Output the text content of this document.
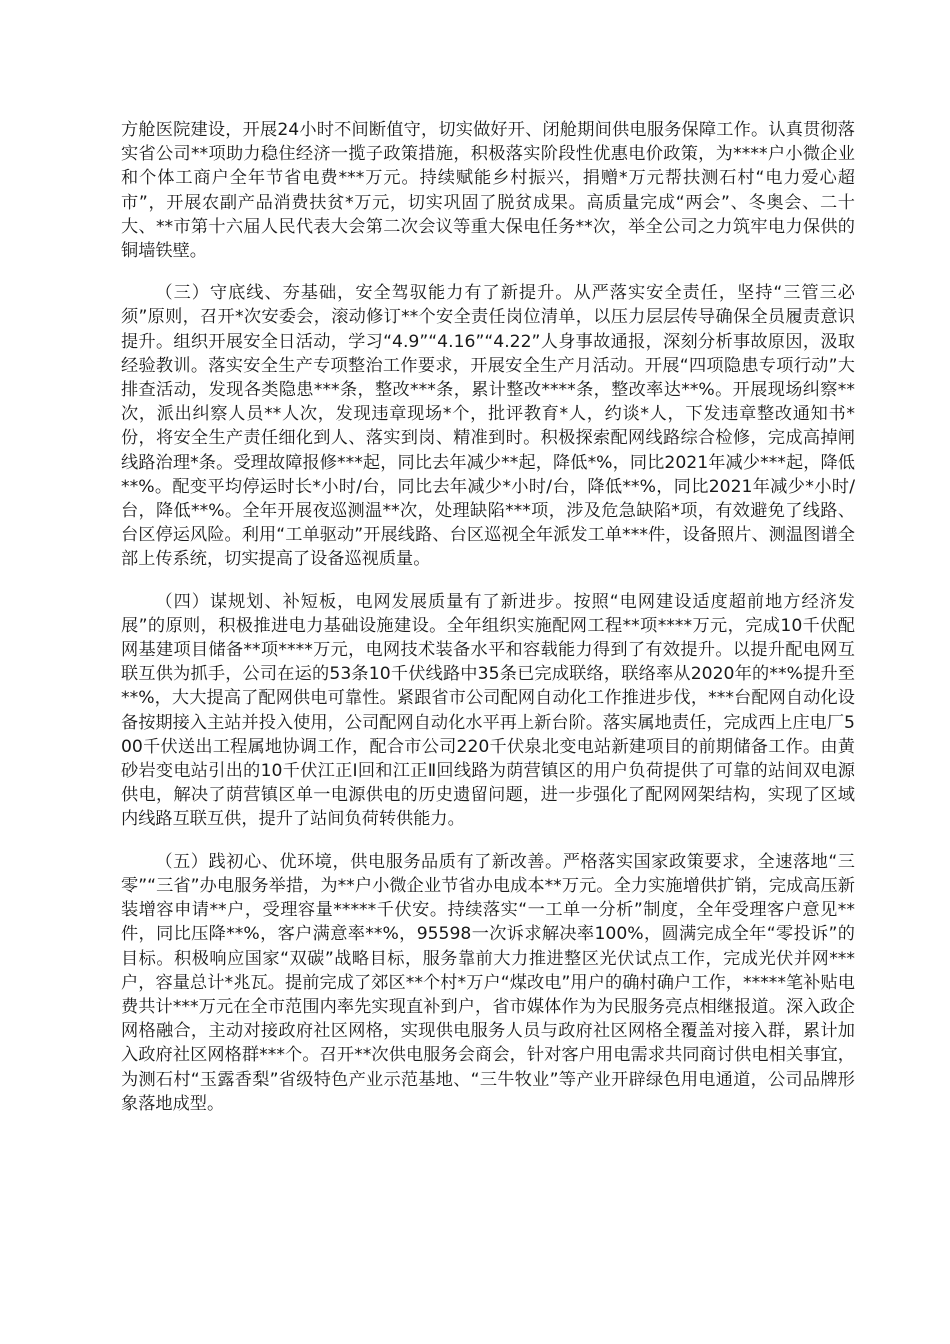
方舱医院建设，开展24小时不间断值守，切实做好开、闭舱期间供电服务保障工作。认真贯彻落实省公司**项助力稳住经济一揽子政策措施，积极落实阶段性优惠电价政策，为****户小微企业和个体工商户全年节省电费***万元。持续赋能乡村振兴，捐赠*万元帮扶测石村“电力爱心超市”，开展农副产品消费扶贫*万元，切实巩固了脱贫成果。高质量完成“两会”、冬奥会、二十大、**市第十六届人民代表大会第二次会议等重大保电任务**次，举全公司之力筑牢电力保供的铜墙铁壁。

（三）守底线、夯基础，安全驾驭能力有了新提升。从严落实安全责任，坚持“三管三必须”原则，召开*次安委会，滚动修订**个安全责任岗位清单，以压力层层传导确保全员履责意识提升。组织开展安全日活动，学习“4.9”“4.16”“4.22”人身事故通报，深刻分析事故原因，汲取经验教训。落实安全生产专项整治工作要求，开展安全生产月活动。开展“四项隐患专项行动”大排查活动，发现各类隐患***条，整改***条，累计整改****条，整改率达**%。开展现场纠察**次，派出纠察人员**人次，发现违章现场*个，批评教育*人，约谈*人，下发违章整改通知书*份，将安全生产责任细化到人、落实到岗、精准到时。积极探索配网线路综合检修，完成高掉闸线路治理*条。受理故障报修***起，同比去年减少**起，降低*%，同比2021年减少***起，降低**%。配变平均停运时长*小时/台，同比去年减少*小时/台，降低**%，同比2021年减少*小时/台，降低**%。全年开展夜巡测温**次，处理缺陷***项，涉及危急缺陷*项，有效避免了线路、台区停运风险。利用“工单驱动”开展线路、台区巡视全年派发工单***件，设备照片、测温图谱全部上传系统，切实提高了设备巡视质量。

（四）谋规划、补短板，电网发展质量有了新进步。按照“电网建设适度超前地方经济发展”的原则，积极推进电力基础设施建设。全年组织实施配网工程**项****万元，完成10千伏配网基建项目储备**项****万元，电网技术装备水平和容载能力得到了有效提升。以提升配电网互联互供为抓手，公司在运的53条10千伏线路中35条已完成联络，联络率从2020年的**%提升至**%，大大提高了配网供电可靠性。紧跟省市公司配网自动化工作推进步伐，***台配网自动化设备按期接入主站并投入使用，公司配网自动化水平再上新台阶。落实属地责任，完成西上庄电厂500千伏送出工程属地协调工作，配合市公司220千伏泉北变电站新建项目的前期储备工作。由黄砂岩变电站引出的10千伏江正Ⅰ回和江正Ⅱ回线路为荫营镇区的用户负荷提供了可靠的站间双电源供电，解决了荫营镇区单一电源供电的历史遗留问题，进一步强化了配网网架结构，实现了区域内线路互联互供，提升了站间负荷转供能力。

（五）践初心、优环境，供电服务品质有了新改善。严格落实国家政策要求，全速落地“三零”“三省”办电服务举措，为**户小微企业节省办电成本**万元。全力实施增供扩销，完成高压新装增容申请**户，受理容量*****千伏安。持续落实“一工单一分析”制度，全年受理客户意见**件，同比压降**%，客户满意率**%，95598一次诉求解决率100%，圆满完成全年“零投诉”的目标。积极响应国家“双碳”战略目标，服务靠前大力推进整区光伏试点工作，完成光伏并网***户，容量总计*兆瓦。提前完成了郊区**个村*万户“煤改电”用户的确村确户工作，*****笔补贴电费共计***万元在全市范围内率先实现直补到户，省市媒体作为为民服务亮点相继报道。深入政企网格融合，主动对接政府社区网格，实现供电服务人员与政府社区网格全覆盖对接入群，累计加入政府社区网格群***个。召开**次供电服务会商会，针对客户用电需求共同商讨供电相关事宜，为测石村“玉露香梨”省级特色产业示范基地、“三牛牧业”等产业开辟绿色用电通道，公司品牌形象落地成型。
